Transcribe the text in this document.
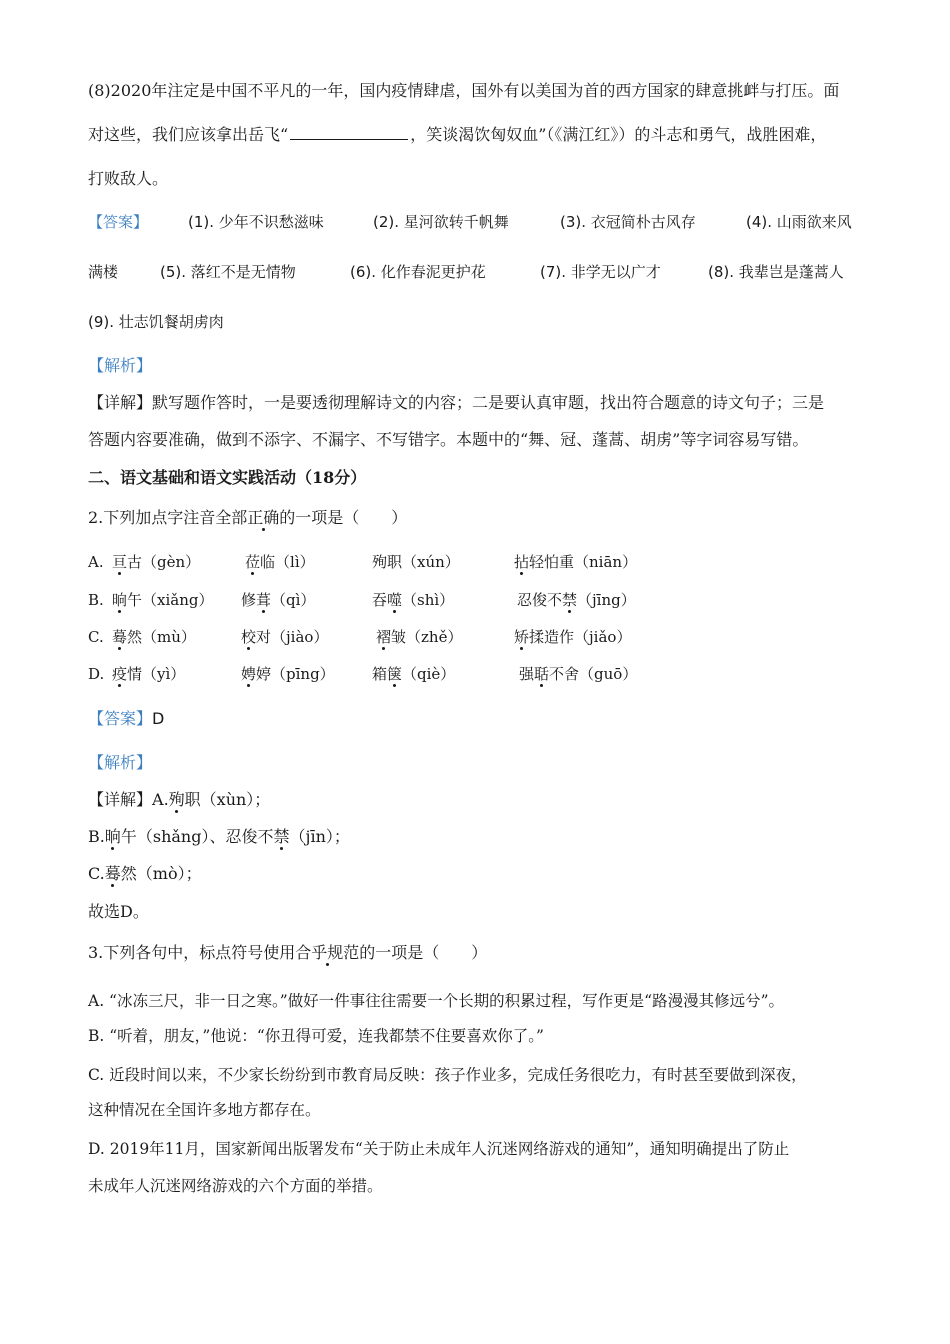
(8)2020年注定是中国不平凡的一年，国内疫情肆虐，国外有以美国为首的西方国家的肆意挑衅与打压。面
对这些，我们应该拿出岳飞“	，笑谈渴饮匈奴血”（《满江红》）的斗志和勇气，战胜困难，
打败敌人。
【答案】	(1). 少年不识愁滋味	(2). 星河欲转千帆舞	(3). 衣冠简朴古风存	(4). 山雨欲来风
满楼	(5). 落红不是无情物	(6). 化作春泥更护花	(7). 非学无以广才	(8). 我辈岂是蓬蒿人
(9). 壮志饥餐胡虏肉
【解析】
【详解】默写题作答时，一是要透彻理解诗文的内容；二是要认真审题，找出符合题意的诗文句子；三是
答题内容要准确，做到不添字、不漏字、不写错字。本题中的“舞、冠、蓬蒿、胡虏”等字词容易写错。
二、语文基础和语文实践活动（18分）
2.下列加点字注音全部正确的一项是（　　）
A. 亘古（gèn）	莅临（lì）	殉职（xún）	拈轻怕重（niān）
B. 晌午（xiǎng） 修葺（qì）	吞噬（shì）	忍俊不禁（jīng）
C. 蓦然（mù）	校对（jiào）	褶皱（zhě）	矫揉造作（jiǎo）
D. 疫情（yì）	娉婷（pīng） 箱箧（qiè）	强聒不舍（guō）
【答案】D
【解析】
【详解】A.殉职（xùn）；
B.晌午（shǎng）、忍俊不禁（jīn）；
C.蓦然（mò）；
故选D。
3.下列各句中，标点符号使用合乎规范的一项是（　　）
A. “冰冻三尺，非一日之寒。”做好一件事往往需要一个长期的积累过程，写作更是“路漫漫其修远兮”。
B. “听着，朋友，”他说：“你丑得可爱，连我都禁不住要喜欢你了。”
C. 近段时间以来，不少家长纷纷到市教育局反映：孩子作业多，完成任务很吃力，有时甚至要做到深夜，
这种情况在全国许多地方都存在。
D. 2019年11月，国家新闻出版署发布“关于防止未成年人沉迷网络游戏的通知”，通知明确提出了防止
未成年人沉迷网络游戏的六个方面的举措。
